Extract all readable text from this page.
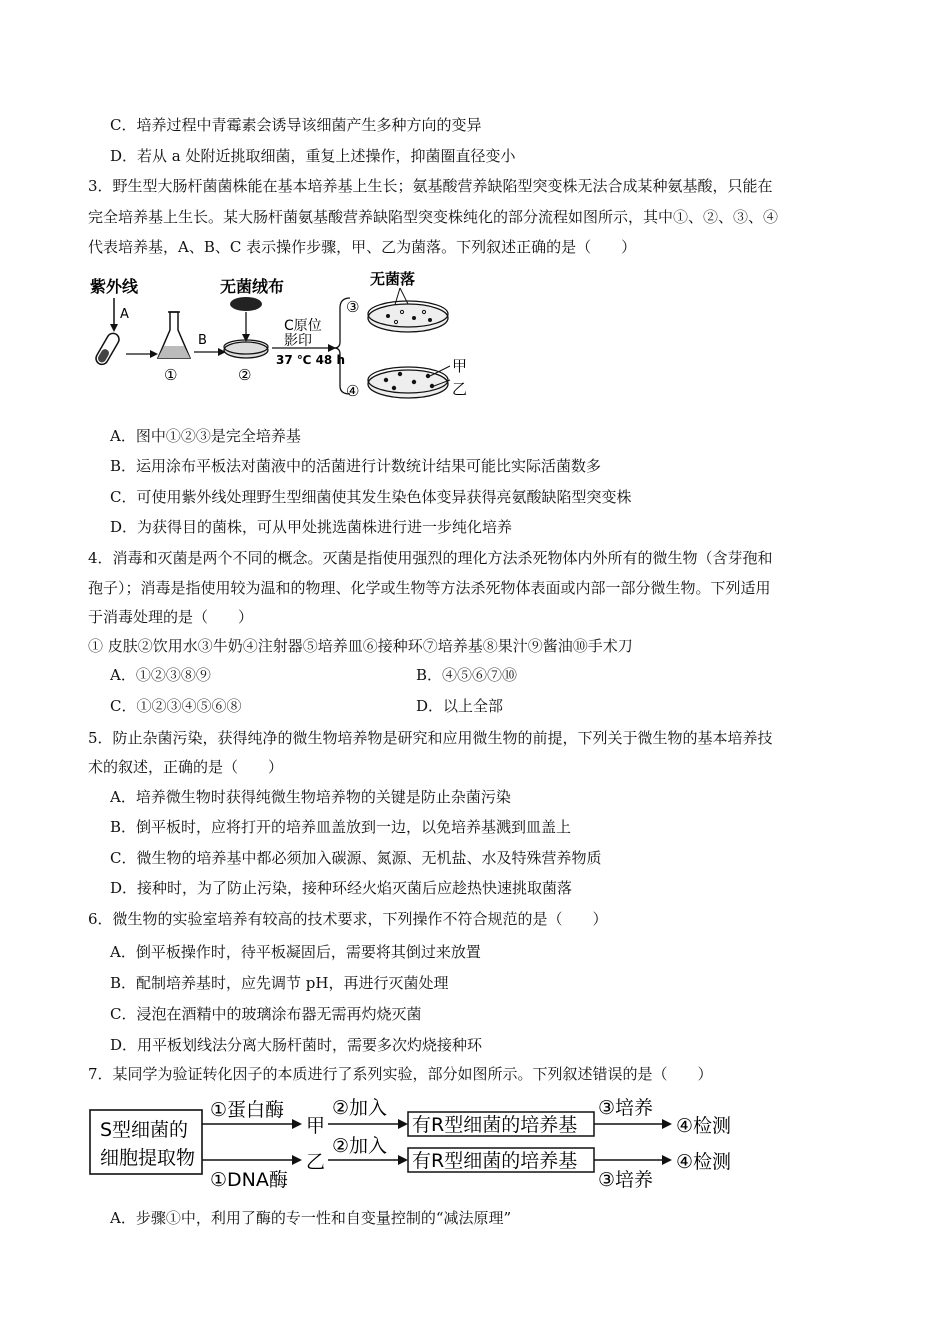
C．培养过程中青霉素会诱导该细菌产生多种方向的变异
D．若从 a 处附近挑取细菌，重复上述操作，抑菌圈直径变小
3．野生型大肠杆菌菌株能在基本培养基上生长；氨基酸营养缺陷型突变株无法合成某种氨基酸，只能在
完全培养基上生长。某大肠杆菌氨基酸营养缺陷型突变株纯化的部分流程如图所示，其中①、②、③、④
代表培养基，A、B、C 表示操作步骤，甲、乙为菌落。下列叙述正确的是（　　）
紫外线
A
①
B
无菌绒布
②
C原位
影印
37 ℃ 48 h
无菌落
③
④
甲
乙
A．图中①②③是完全培养基
B．运用涂布平板法对菌液中的活菌进行计数统计结果可能比实际活菌数多
C．可使用紫外线处理野生型细菌使其发生染色体变异获得亮氨酸缺陷型突变株
D．为获得目的菌株，可从甲处挑选菌株进行进一步纯化培养
4．消毒和灭菌是两个不同的概念。灭菌是指使用强烈的理化方法杀死物体内外所有的微生物（含芽孢和
孢子）；消毒是指使用较为温和的物理、化学或生物等方法杀死物体表面或内部一部分微生物。下列适用
于消毒处理的是（　　）
① 皮肤②饮用水③牛奶④注射器⑤培养皿⑥接种环⑦培养基⑧果汁⑨酱油⑩手术刀
A．①②③⑧⑨	B．④⑤⑥⑦⑩
C．①②③④⑤⑥⑧	D．以上全部
5．防止杂菌污染，获得纯净的微生物培养物是研究和应用微生物的前提，下列关于微生物的基本培养技
术的叙述，正确的是（　　）
A．培养微生物时获得纯微生物培养物的关键是防止杂菌污染
B．倒平板时，应将打开的培养皿盖放到一边，以免培养基溅到皿盖上
C．微生物的培养基中都必须加入碳源、氮源、无机盐、水及特殊营养物质
D．接种时，为了防止污染，接种环经火焰灭菌后应趁热快速挑取菌落
6．微生物的实验室培养有较高的技术要求，下列操作不符合规范的是（　　）
A．倒平板操作时，待平板凝固后，需要将其倒过来放置
B．配制培养基时，应先调节 pH，再进行灭菌处理
C．浸泡在酒精中的玻璃涂布器无需再灼烧灭菌
D．用平板划线法分离大肠杆菌时，需要多次灼烧接种环
7．某同学为验证转化因子的本质进行了系列实验，部分如图所示。下列叙述错误的是（　　）
S型细菌的
细胞提取物
①蛋白酶
①DNA酶
甲
乙
②加入
②加入
有R型细菌的培养基
有R型细菌的培养基
③培养
③培养
④检测
④检测
A．步骤①中，利用了酶的专一性和自变量控制的“减法原理”
